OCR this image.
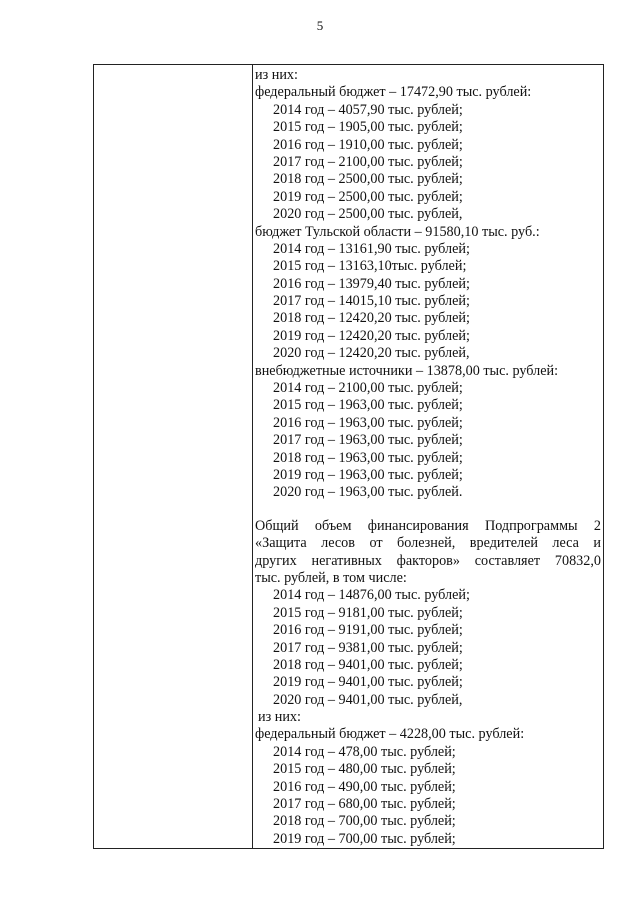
5
из них:
федеральный бюджет – 17472,90 тыс. рублей:
2014 год – 4057,90 тыс. рублей;
2015 год – 1905,00 тыс. рублей;
2016 год – 1910,00 тыс. рублей;
2017 год – 2100,00 тыс. рублей;
2018 год – 2500,00 тыс. рублей;
2019 год – 2500,00 тыс. рублей;
2020 год – 2500,00 тыс. рублей,
бюджет Тульской области – 91580,10 тыс. руб.:
2014 год – 13161,90 тыс. рублей;
2015 год – 13163,10тыс. рублей;
2016 год – 13979,40 тыс. рублей;
2017 год – 14015,10 тыс. рублей;
2018 год – 12420,20 тыс. рублей;
2019 год – 12420,20 тыс. рублей;
2020 год – 12420,20 тыс. рублей,
внебюджетные источники – 13878,00 тыс. рублей:
2014 год – 2100,00 тыс. рублей;
2015 год – 1963,00 тыс. рублей;
2016 год – 1963,00 тыс. рублей;
2017 год – 1963,00 тыс. рублей;
2018 год – 1963,00 тыс. рублей;
2019 год – 1963,00 тыс. рублей;
2020 год – 1963,00 тыс. рублей.
Общий объем финансирования Подпрограммы 2
«Защита лесов от болезней, вредителей леса и
других негативных факторов» составляет 70832,0
тыс. рублей, в том числе:
2014 год – 14876,00 тыс. рублей;
2015 год – 9181,00 тыс. рублей;
2016 год – 9191,00 тыс. рублей;
2017 год – 9381,00 тыс. рублей;
2018 год – 9401,00 тыс. рублей;
2019 год – 9401,00 тыс. рублей;
2020 год – 9401,00 тыс. рублей,
из них:
федеральный бюджет – 4228,00 тыс. рублей:
2014 год – 478,00 тыс. рублей;
2015 год – 480,00 тыс. рублей;
2016 год – 490,00 тыс. рублей;
2017 год – 680,00 тыс. рублей;
2018 год – 700,00 тыс. рублей;
2019 год – 700,00 тыс. рублей;
